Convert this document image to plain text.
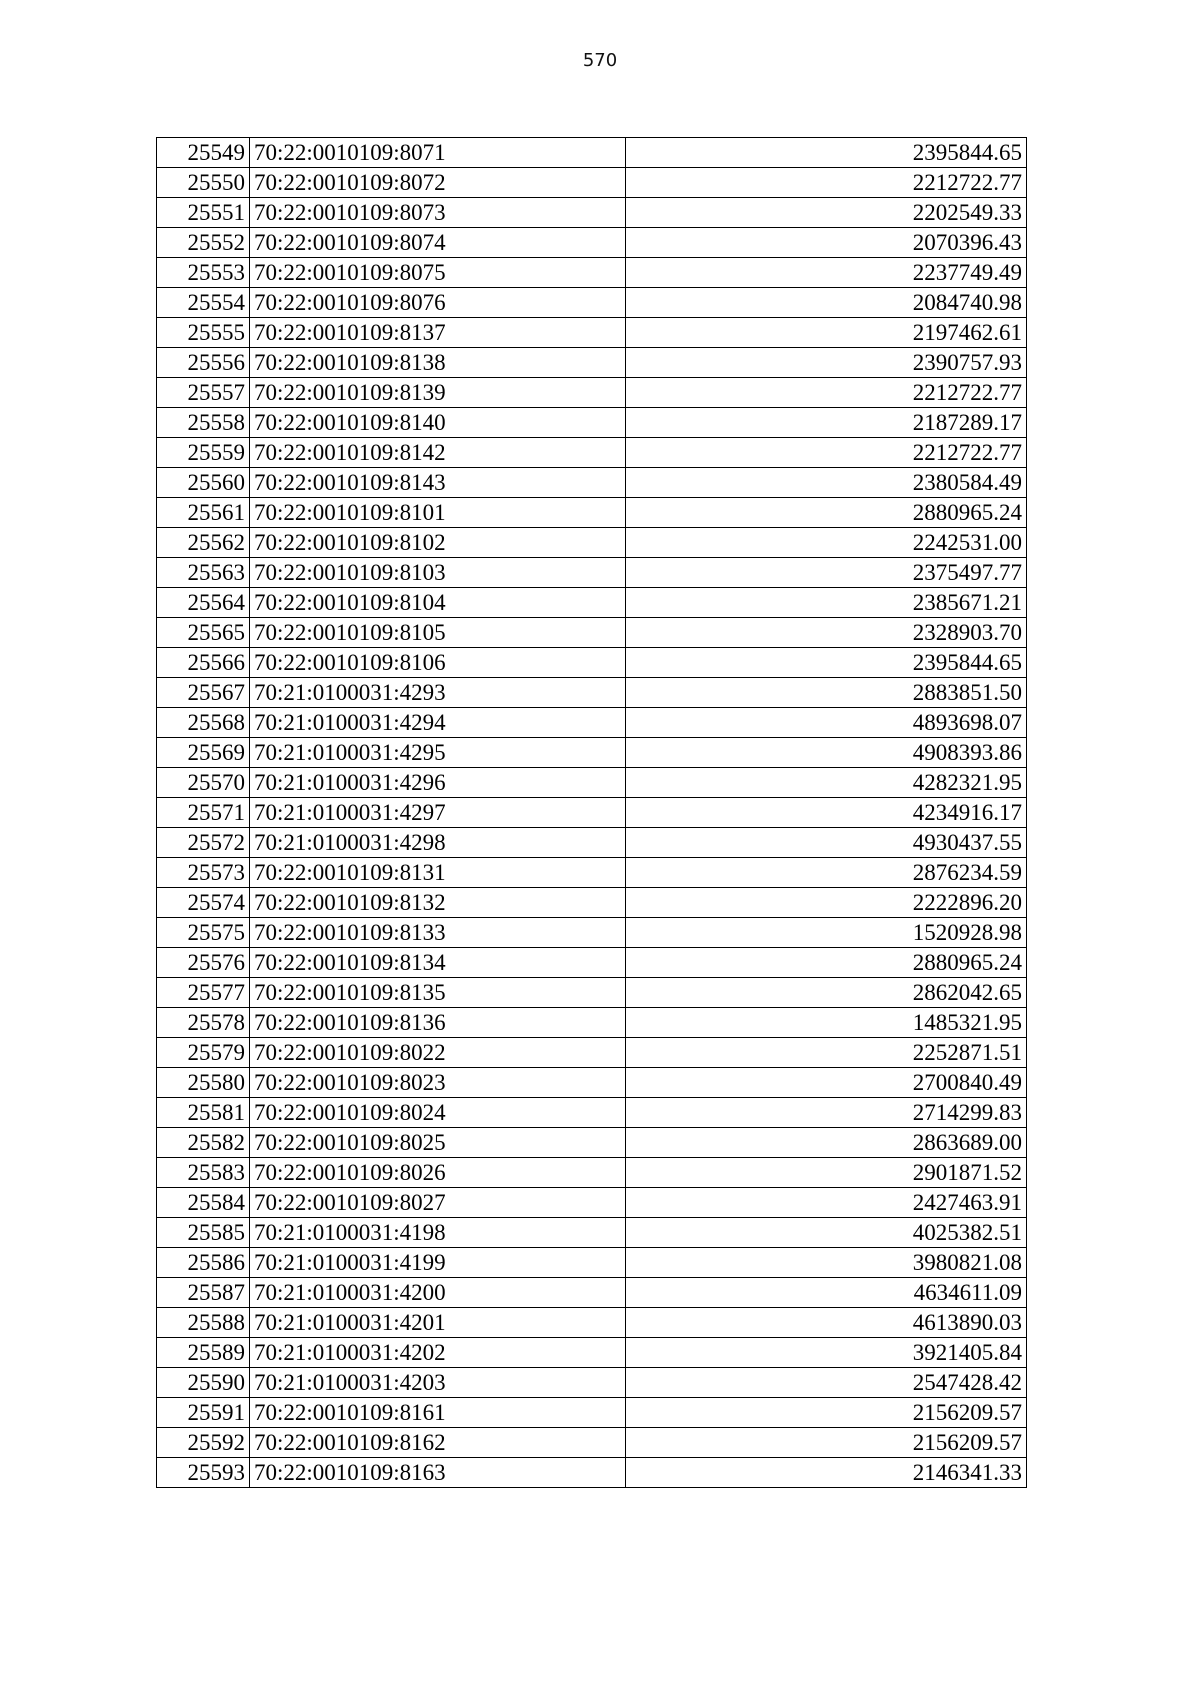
570
25549	70:22:0010109:8071	2395844.65
25550	70:22:0010109:8072	2212722.77
25551	70:22:0010109:8073	2202549.33
25552	70:22:0010109:8074	2070396.43
25553	70:22:0010109:8075	2237749.49
25554	70:22:0010109:8076	2084740.98
25555	70:22:0010109:8137	2197462.61
25556	70:22:0010109:8138	2390757.93
25557	70:22:0010109:8139	2212722.77
25558	70:22:0010109:8140	2187289.17
25559	70:22:0010109:8142	2212722.77
25560	70:22:0010109:8143	2380584.49
25561	70:22:0010109:8101	2880965.24
25562	70:22:0010109:8102	2242531.00
25563	70:22:0010109:8103	2375497.77
25564	70:22:0010109:8104	2385671.21
25565	70:22:0010109:8105	2328903.70
25566	70:22:0010109:8106	2395844.65
25567	70:21:0100031:4293	2883851.50
25568	70:21:0100031:4294	4893698.07
25569	70:21:0100031:4295	4908393.86
25570	70:21:0100031:4296	4282321.95
25571	70:21:0100031:4297	4234916.17
25572	70:21:0100031:4298	4930437.55
25573	70:22:0010109:8131	2876234.59
25574	70:22:0010109:8132	2222896.20
25575	70:22:0010109:8133	1520928.98
25576	70:22:0010109:8134	2880965.24
25577	70:22:0010109:8135	2862042.65
25578	70:22:0010109:8136	1485321.95
25579	70:22:0010109:8022	2252871.51
25580	70:22:0010109:8023	2700840.49
25581	70:22:0010109:8024	2714299.83
25582	70:22:0010109:8025	2863689.00
25583	70:22:0010109:8026	2901871.52
25584	70:22:0010109:8027	2427463.91
25585	70:21:0100031:4198	4025382.51
25586	70:21:0100031:4199	3980821.08
25587	70:21:0100031:4200	4634611.09
25588	70:21:0100031:4201	4613890.03
25589	70:21:0100031:4202	3921405.84
25590	70:21:0100031:4203	2547428.42
25591	70:22:0010109:8161	2156209.57
25592	70:22:0010109:8162	2156209.57
25593	70:22:0010109:8163	2146341.33
